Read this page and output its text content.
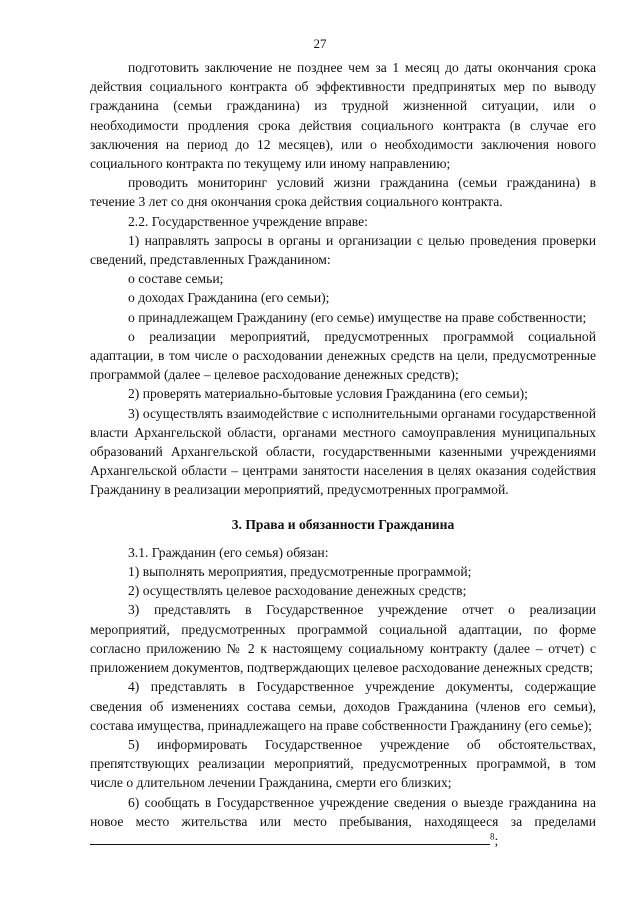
27

подготовить заключение не позднее чем за 1 месяц до даты окончания срока действия социального контракта об эффективности предпринятых мер по выводу гражданина (семьи гражданина) из трудной жизненной ситуации, или о необходимости продления срока действия социального контракта (в случае его заключения на период до 12 месяцев), или о необходимости заключения нового социального контракта по текущему или иному направлению;

проводить мониторинг условий жизни гражданина (семьи гражданина) в течение 3 лет со дня окончания срока действия социального контракта.

2.2. Государственное учреждение вправе:

1) направлять запросы в органы и организации с целью проведения проверки сведений, представленных Гражданином:

о составе семьи;

о доходах Гражданина (его семьи);

о принадлежащем Гражданину (его семье) имуществе на праве собственности;

о реализации мероприятий, предусмотренных программой социальной адаптации, в том числе о расходовании денежных средств на цели, предусмотренные программой (далее – целевое расходование денежных средств);

2) проверять материально-бытовые условия Гражданина (его семьи);

3) осуществлять взаимодействие с исполнительными органами государственной власти Архангельской области, органами местного самоуправления муниципальных образований Архангельской области, государственными казенными учреждениями Архангельской области – центрами занятости населения в целях оказания содействия Гражданину в реализации мероприятий, предусмотренных программой.

3. Права и обязанности Гражданина

3.1. Гражданин (его семья) обязан:

1) выполнять мероприятия, предусмотренные программой;

2) осуществлять целевое расходование денежных средств;

3) представлять в Государственное учреждение отчет о реализации мероприятий, предусмотренных программой социальной адаптации, по форме согласно приложению № 2 к настоящему социальному контракту (далее – отчет) с приложением документов, подтверждающих целевое расходование денежных средств;

4) представлять в Государственное учреждение документы, содержащие сведения об изменениях состава семьи, доходов Гражданина (членов его семьи), состава имущества, принадлежащего на праве собственности Гражданину (его семье);

5) информировать Государственное учреждение об обстоятельствах, препятствующих реализации мероприятий, предусмотренных программой, в том числе о длительном лечении Гражданина, смерти его близких;

6) сообщать в Государственное учреждение сведения о выезде гражданина на новое место жительства или место пребывания, находящееся за пределами $^8$;
